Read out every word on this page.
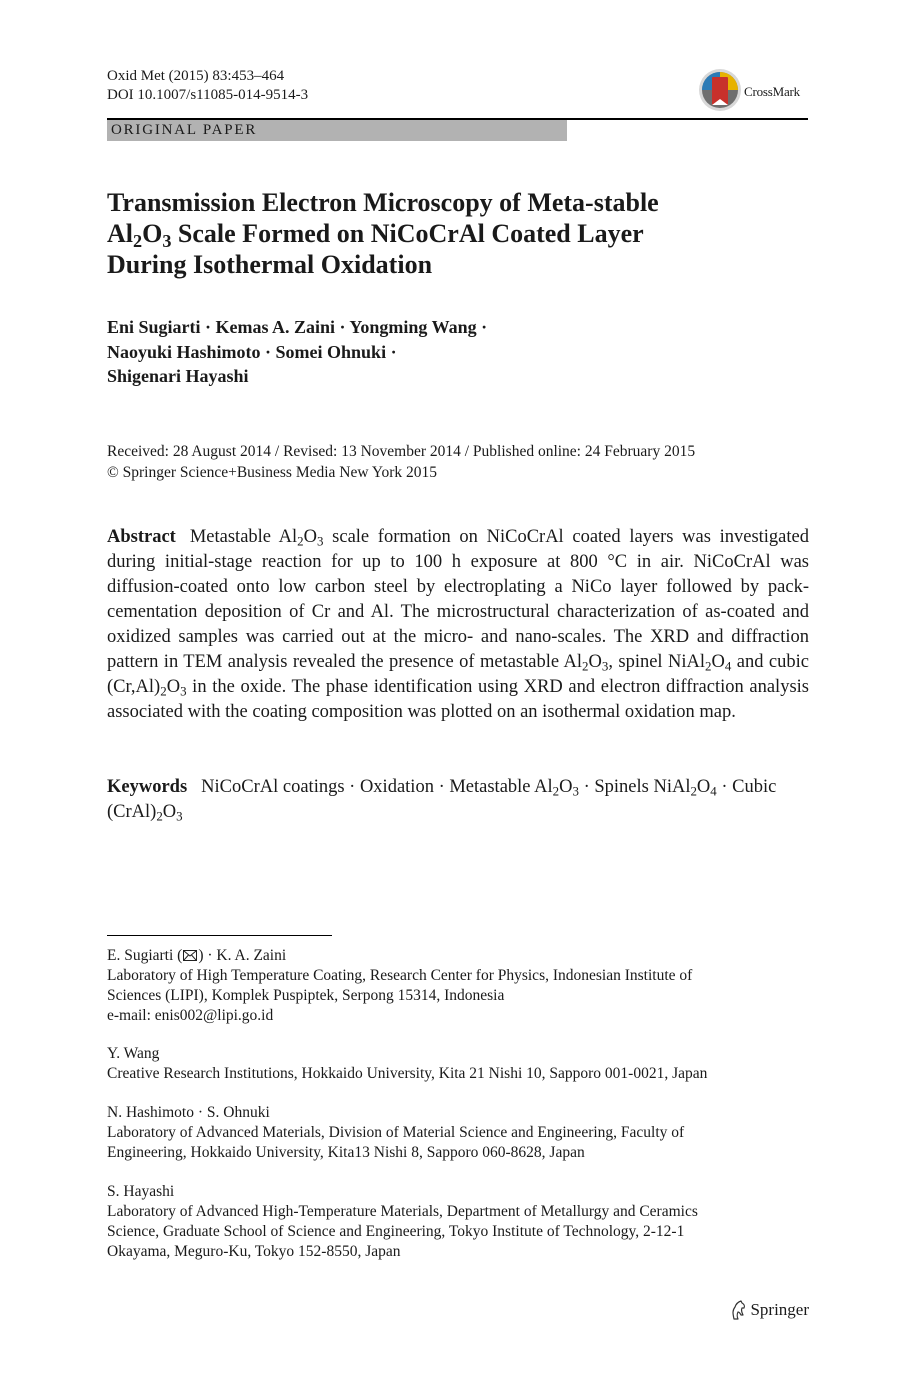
Oxid Met (2015) 83:453–464
DOI 10.1007/s11085-014-9514-3	CrossMark
ORIGINAL PAPER
Transmission Electron Microscopy of Meta-stable
$Al_2O_3$ Scale Formed on NiCoCrAl Coated Layer
During Isothermal Oxidation
Eni Sugiarti · Kemas A. Zaini · Yongming Wang ·
Naoyuki Hashimoto · Somei Ohnuki ·
Shigenari Hayashi
Received: 28 August 2014 / Revised: 13 November 2014 / Published online: 24 February 2015
© Springer Science+Business Media New York 2015
Abstract Metastable $Al_2O_3$ scale formation on NiCoCrAl coated layers was investigated during initial-stage reaction for up to 100 h exposure at 800 °C in air. NiCoCrAl was diffusion-coated onto low carbon steel by electroplating a NiCo layer followed by pack-cementation deposition of Cr and Al. The microstructural characterization of as-coated and oxidized samples was carried out at the micro- and nano-scales. The XRD and diffraction pattern in TEM analysis revealed the presence of metastable $Al_2O_3$, spinel $NiAl_2O_4$ and cubic $(Cr,Al)_2O_3$ in the oxide. The phase identification using XRD and electron diffraction analysis associated with the coating composition was plotted on an isothermal oxidation map.
Keywords NiCoCrAl coatings · Oxidation · Metastable $Al_2O_3$ · Spinels $NiAl_2O_4$ · Cubic $(CrAl)_2O_3$
E. Sugiarti ( ) · K. A. Zaini
Laboratory of High Temperature Coating, Research Center for Physics, Indonesian Institute of
Sciences (LIPI), Komplek Puspiptek, Serpong 15314, Indonesia
e-mail: enis002@lipi.go.id
Y. Wang
Creative Research Institutions, Hokkaido University, Kita 21 Nishi 10, Sapporo 001-0021, Japan
N. Hashimoto · S. Ohnuki
Laboratory of Advanced Materials, Division of Material Science and Engineering, Faculty of
Engineering, Hokkaido University, Kita13 Nishi 8, Sapporo 060-8628, Japan
S. Hayashi
Laboratory of Advanced High-Temperature Materials, Department of Metallurgy and Ceramics
Science, Graduate School of Science and Engineering, Tokyo Institute of Technology, 2-12-1
Okayama, Meguro-Ku, Tokyo 152-8550, Japan
Springer
